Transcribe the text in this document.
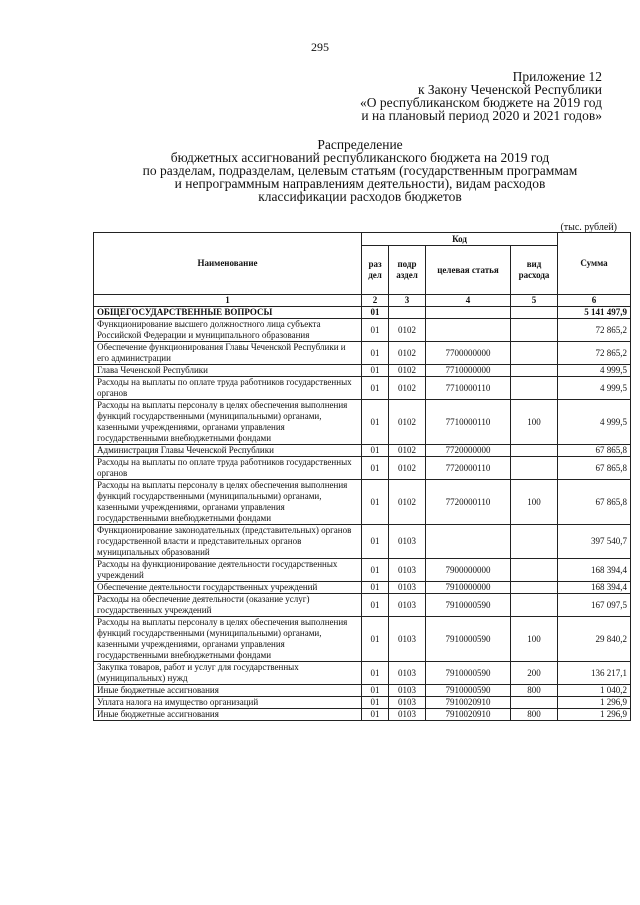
295
Приложение 12
к Закону Чеченской Республики
«О республиканском бюджете на 2019 год
и на плановый период 2020 и 2021 годов»
Распределение
бюджетных ассигнований республиканского бюджета на 2019 год
по разделам, подразделам, целевым статьям (государственным программам
и непрограммным направлениям деятельности), видам расходов
классификации расходов бюджетов
(тыс. рублей)
Наименование	Код				Сумма
	раз дел	подр аздел	целевая статья	вид расхода	
1	2	3	4	5	6
ОБЩЕГОСУДАРСТВЕННЫЕ ВОПРОСЫ	01				5 141 497,9
Функционирование высшего должностного лица субъекта Российской Федерации и муниципального образования	01	0102			72 865,2
Обеспечение функционирования Главы Чеченской Республики и его администрации	01	0102	7700000000		72 865,2
Глава Чеченской Республики	01	0102	7710000000		4 999,5
Расходы на выплаты по оплате труда работников государственных органов	01	0102	7710000110		4 999,5
Расходы на выплаты персоналу в целях обеспечения выполнения функций государственными (муниципальными) органами, казенными учреждениями, органами управления государственными внебюджетными фондами	01	0102	7710000110	100	4 999,5
Администрация Главы Чеченской Республики	01	0102	7720000000		67 865,8
Расходы на выплаты по оплате труда работников государственных органов	01	0102	7720000110		67 865,8
Расходы на выплаты персоналу в целях обеспечения выполнения функций государственными (муниципальными) органами, казенными учреждениями, органами управления государственными внебюджетными фондами	01	0102	7720000110	100	67 865,8
Функционирование законодательных (представительных) органов государственной власти и представительных органов муниципальных образований	01	0103			397 540,7
Расходы на функционирование деятельности государственных учреждений	01	0103	7900000000		168 394,4
Обеспечение деятельности государственных учреждений	01	0103	7910000000		168 394,4
Расходы на обеспечение деятельности (оказание услуг) государственных учреждений	01	0103	7910000590		167 097,5
Расходы на выплаты персоналу в целях обеспечения выполнения функций государственными (муниципальными) органами, казенными учреждениями, органами управления государственными внебюджетными фондами	01	0103	7910000590	100	29 840,2
Закупка товаров, работ и услуг для государственных (муниципальных) нужд	01	0103	7910000590	200	136 217,1
Иные бюджетные ассигнования	01	0103	7910000590	800	1 040,2
Уплата налога на имущество организаций	01	0103	7910020910		1 296,9
Иные бюджетные ассигнования	01	0103	7910020910	800	1 296,9
